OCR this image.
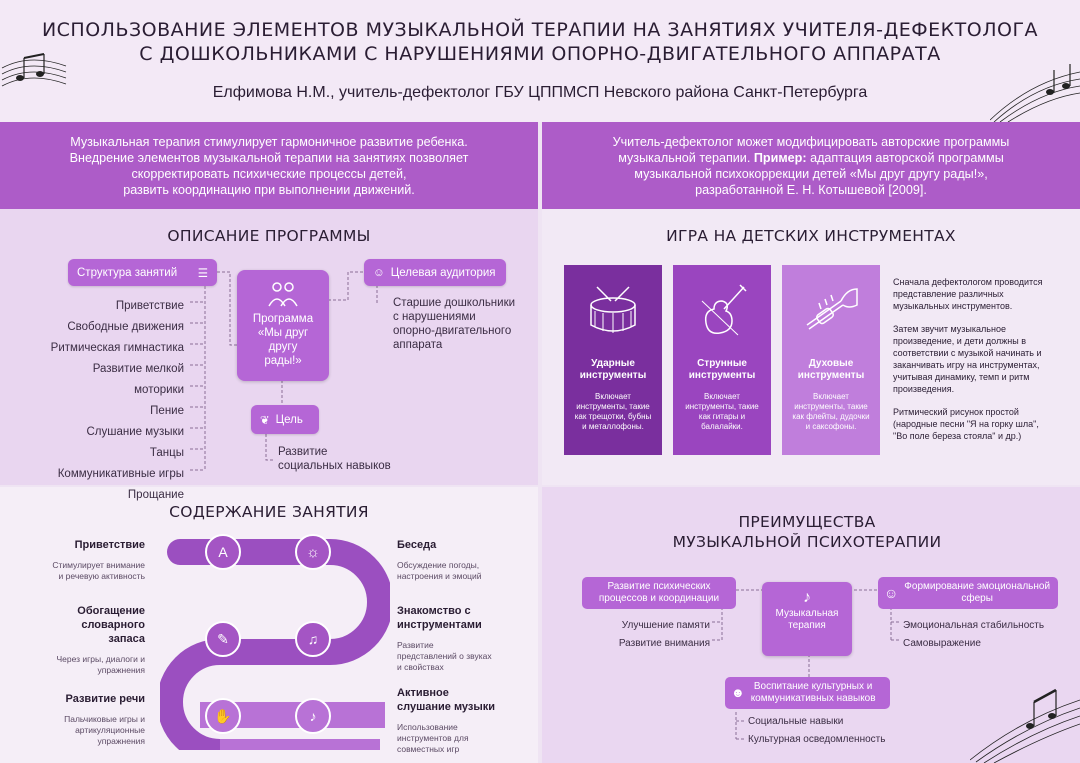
ИСПОЛЬЗОВАНИЕ ЭЛЕМЕНТОВ МУЗЫКАЛЬНОЙ ТЕРАПИИ НА ЗАНЯТИЯХ УЧИТЕЛЯ-ДЕФЕКТОЛОГА
С ДОШКОЛЬНИКАМИ С НАРУШЕНИЯМИ ОПОРНО-ДВИГАТЕЛЬНОГО АППАРАТА
Елфимова Н.М., учитель-дефектолог ГБУ ЦППМСП Невского района Санкт-Петербурга
Музыкальная терапия стимулирует гармоничное развитие ребенка.
Внедрение элементов музыкальной терапии на занятиях позволяет
скорректировать психические процессы детей,
развить координацию при выполнении движений.
Учитель-дефектолог может модифицировать авторские программы
музыкальной терапии. Пример: адаптация авторской программы
музыкальной психокоррекции детей «Мы друг другу рады!»,
разработанной Е. Н. Котышевой [2009].
ОПИСАНИЕ ПРОГРАММЫ
Структура занятий ☰
Приветствие
Свободные движения
Ритмическая гимнастика
Развитие мелкой моторики
Пение
Слушание музыки
Танцы
Коммуникативные игры
Прощание
Программа
«Мы друг
другу
рады!»
☺ Целевая аудитория
Старшие дошкольники
с нарушениями
опорно-двигательного
аппарата
❦ Цель
Развитие
социальных навыков
ИГРА НА ДЕТСКИХ ИНСТРУМЕНТАХ
Ударные
инструменты
Включает
инструменты, такие
как трещотки, бубны
и металлофоны.
Струнные
инструменты
Включает
инструменты, такие
как гитары и
балалайки.
Духовые
инструменты
Включает
инструменты, такие
как флейты, дудочки
и саксофоны.
Сначала дефектологом проводится
представление различных
музыкальных инструментов.
Затем звучит музыкальное
произведение, и дети должны в
соответствии с музыкой начинать и
заканчивать игру на инструментах,
учитывая динамику, темп и ритм
произведения.
Ритмический рисунок простой
(народные песни "Я на горку шла",
"Во поле береза стояла" и др.)
СОДЕРЖАНИЕ ЗАНЯТИЯ
A	☼
✎	♫
✋	♪
Приветствие
Стимулирует внимание
и речевую активность
Обогащение
словарного
запаса
Через игры, диалоги и
упражнения
Развитие речи
Пальчиковые игры и
артикуляционные
упражнения
Беседа
Обсуждение погоды,
настроения и эмоций
Знакомство с
инструментами
Развитие
представлений о звуках
и свойствах
Активное
слушание музыки
Использование
инструментов для
совместных игр
ПРЕИМУЩЕСТВА
МУЗЫКАЛЬНОЙ ПСИХОТЕРАПИИ
♪
Музыкальная
терапия
Развитие психических
процессов и координации
Улучшение памяти
Развитие внимания
☺ Формирование эмоциональной
сферы
Эмоциональная стабильность
Самовыражение
☻ Воспитание культурных и
коммуникативных навыков
Социальные навыки
Культурная осведомленность
